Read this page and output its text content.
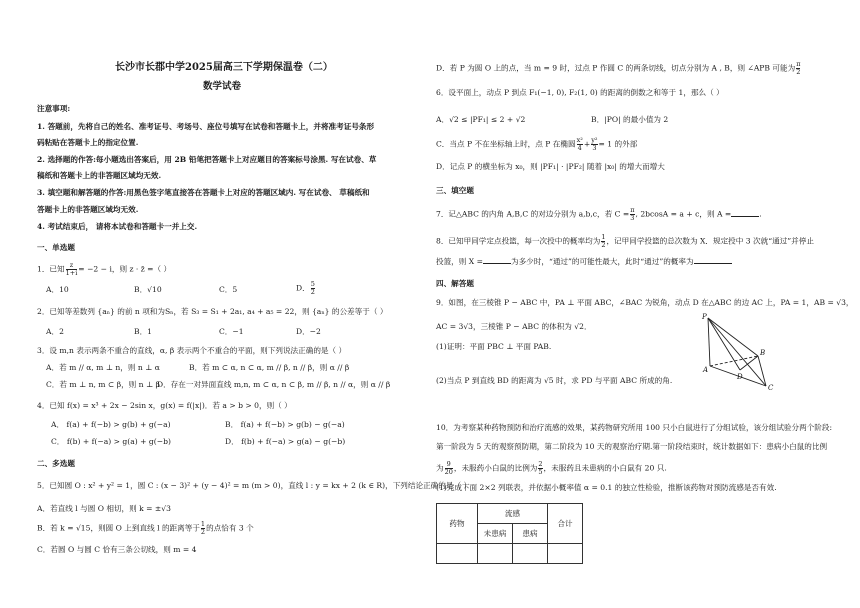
长沙市长郡中学2025届高三下学期保温卷（二）
数学试卷
注意事项:
1. 答题前，先将自己的姓名、准考证号、考场号、座位号填写在试卷和答题卡上，并将准考证号条形
码粘贴在答题卡上的指定位置.
2. 选择题的作答:每小题选出答案后，用 2B 铅笔把答题卡上对应题目的答案标号涂黑. 写在试卷、草
稿纸和答题卡上的非答题区域均无效.
3. 填空题和解答题的作答:用黑色签字笔直接答在答题卡上对应的答题区域内. 写在试卷、 草稿纸和
答题卡上的非答题区域均无效.
4. 考试结束后， 请将本试卷和答题卡一并上交.
一、单选题
1．已知 $\frac{z}{1+i} = -2 - i$，则 z · z̄ =（ ）
A．10	B．√10	C．5	D． $\frac{5}{2}$
2．已知等差数列 {aₙ} 的前 n 项和为Sₙ，若 S₃ = S₁ + 2a₁, a₄ + a₅ = 22，则 {aₙ} 的公差等于（ ）
A．2	B．1	C．−1	D．−2
3．设 m,n 表示两条不重合的直线，α, β 表示两个不重合的平面，则下列说法正确的是（ ）
A．若 m // α, m ⊥ n，则 n ⊥ α	B．若 m ⊂ α, n ⊂ α, m // β, n // β，则 α // β
C．若 m ⊥ n, m ⊂ β，则 n ⊥ β
D．存在一对异面直线 m,n, m ⊂ α, n ⊂ β, m // β, n // α，则 α // β
4．已知 f(x) = x³ + 2x − 2sin x，g(x) = f(|x|)．若 a > b > 0，则（ ）
A． f(a) + f(−b) > g(b) + g(−a)	B． f(a) + f(−b) > g(b) − g(−a)
C． f(b) + f(−a) > g(a) + g(−b)	D． f(b) + f(−a) > g(a) − g(−b)
二、多选题
5．已知圆 O : x² + y² = 1，圆 C : (x − 3)² + (y − 4)² = m (m > 0)，直线 l : y = kx + 2 (k ∈ R)，下列结论正确的是（ ）
A．若直线 l 与圆 O 相切，则 k = ±√3
B．若 k = √15，则圆 O 上到直线 l 的距离等于 $\frac{1}{2}$ 的点恰有 3 个
C．若圆 O 与圆 C 恰有三条公切线，则 m = 4
D．若 P 为圆 O 上的点，当 m = 9 时，过点 P 作圆 C 的两条切线，切点分别为 A , B，则 ∠APB 可能为 $\frac{\pi}{2}$
6．设平面上，动点 P 到点 F₁(−1, 0), F₂(1, 0) 的距离的倒数之和等于 1，那么（ ）
A．√2 ≤ |PF₁| ≤ 2 + √2	B．|PO| 的最小值为 2
C．当点 P 不在坐标轴上时，点 P 在椭圆 $\frac{\text{x²}}{4} + \frac{\text{y²}}{3} = 1$ 的外部
D．记点 P 的横坐标为 x₀，则 |PF₁| · |PF₂| 随着 |x₀| 的增大而增大
三、填空题
7．记△ABC 的内角 A,B,C 的对边分别为 a,b,c，若 $C = \frac{\pi}{3}$ , 2bcosA = a + c，则 A =	.
8．已知甲同学定点投篮，每一次投中的概率均为 $\frac{1}{2}$ ，记甲同学投篮的总次数为 X．规定投中 3 次就“通过”并停止
投篮，则 X =	为多少时，“通过”的可能性最大，此时“通过”的概率为
四、解答题
9．如图，在三棱锥 P − ABC 中，PA ⊥ 平面 ABC，∠BAC 为锐角，动点 D 在△ABC 的边 AC 上，PA = 1，AB = √3，
AC = 3√3，三棱锥 P − ABC 的体积为 √2．
(1)证明：平面 PBC ⊥ 平面 PAB.
(2)当点 P 到直线 BD 的距离为 √5 时，求 PD 与平面 ABC 所成的角.
P
B
A
D
C
10．为考察某种药物预防和治疗流感的效果，某药物研究所用 100 只小白鼠进行了分组试验，该分组试验分两个阶段:
第一阶段为 5 天的观察预防期，第二阶段为 10 天的观察治疗期.第一阶段结束时，统计数据如下：患病小白鼠的比例
为 $\frac{9}{20}$ ，未服药小白鼠的比例为 $\frac{2}{5}$ ，未服药且未患病的小白鼠有 20 只.
(1)完成下面 2×2 列联表，并依据小概率值 α = 0.1 的独立性检验，推断该药物对预防流感是否有效.
药物	流感		合计
	未患病	患病	
